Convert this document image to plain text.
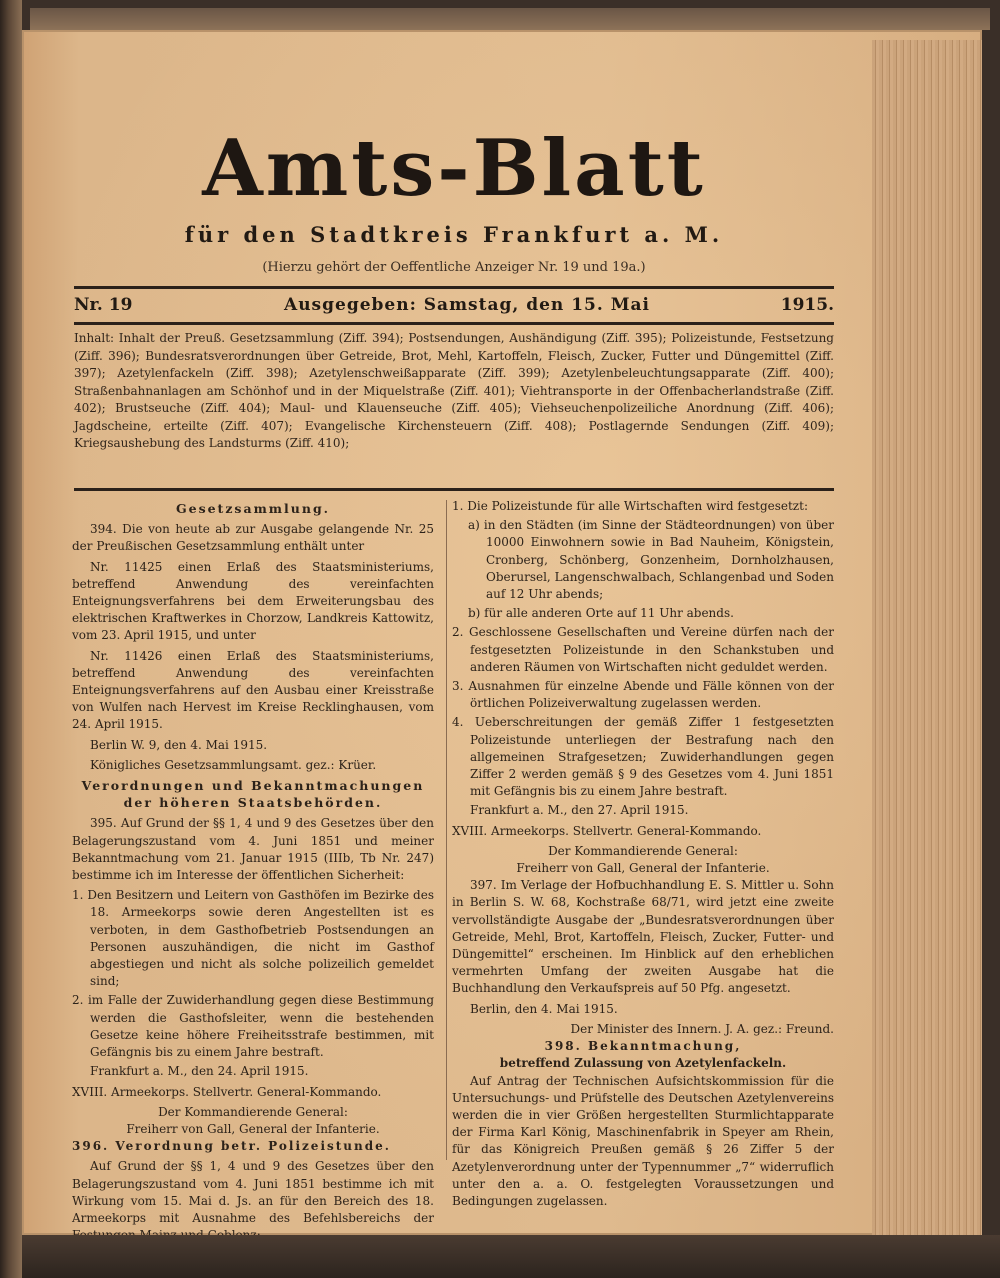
Amts-Blatt
für den Stadtkreis Frankfurt a. M.
(Hierzu gehört der Oeffentliche Anzeiger Nr. 19 und 19a.)
Nr. 19	Ausgegeben: Samstag, den 15. Mai	1915.
Inhalt: Inhalt der Preuß. Gesetzsammlung (Ziff. 394); Postsendungen, Aushändigung (Ziff. 395); Polizeistunde, Festsetzung (Ziff. 396); Bundesratsverordnungen über Getreide, Brot, Mehl, Kartoffeln, Fleisch, Zucker, Futter und Düngemittel (Ziff. 397); Azetylenfackeln (Ziff. 398); Azetylenschweißapparate (Ziff. 399); Azetylenbeleuchtungsapparate (Ziff. 400); Straßenbahnanlagen am Schönhof und in der Miquelstraße (Ziff. 401); Viehtransporte in der Offenbacherlandstraße (Ziff. 402); Brustseuche (Ziff. 404); Maul- und Klauenseuche (Ziff. 405); Viehseuchenpolizeiliche Anordnung (Ziff. 406); Jagdscheine, erteilte (Ziff. 407); Evangelische Kirchensteuern (Ziff. 408); Postlagernde Sendungen (Ziff. 409); Kriegsaushebung des Landsturms (Ziff. 410);
Gesetzsammlung.

394. Die von heute ab zur Ausgabe gelangende Nr. 25 der Preußischen Gesetzsammlung enthält unter

Nr. 11425 einen Erlaß des Staatsministeriums, betreffend Anwendung des vereinfachten Enteignungsverfahrens bei dem Erweiterungsbau des elektrischen Kraftwerkes in Chorzow, Landkreis Kattowitz, vom 23. April 1915, und unter

Nr. 11426 einen Erlaß des Staatsministeriums, betreffend Anwendung des vereinfachten Enteignungsverfahrens auf den Ausbau einer Kreisstraße von Wulfen nach Hervest im Kreise Recklinghausen, vom 24. April 1915.

Berlin W. 9, den 4. Mai 1915.

Königliches Gesetzsammlungsamt. gez.: Krüer.

Verordnungen und Bekanntmachungen der höheren Staatsbehörden.

395. Auf Grund der §§ 1, 4 und 9 des Gesetzes über den Belagerungszustand vom 4. Juni 1851 und meiner Bekanntmachung vom 21. Januar 1915 (IIIb, Tb Nr. 247) bestimme ich im Interesse der öffentlichen Sicherheit:

1. Den Besitzern und Leitern von Gasthöfen im Bezirke des 18. Armeekorps sowie deren Angestellten ist es verboten, in dem Gasthofbetrieb Postsendungen an Personen auszuhändigen, die nicht im Gasthof abgestiegen und nicht als solche polizeilich gemeldet sind;

2. im Falle der Zuwiderhandlung gegen diese Bestimmung werden die Gasthofsleiter, wenn die bestehenden Gesetze keine höhere Freiheitsstrafe bestimmen, mit Gefängnis bis zu einem Jahre bestraft.

Frankfurt a. M., den 24. April 1915.

XVIII. Armeekorps. Stellvertr. General-Kommando.

Der Kommandierende General:

Freiherr von Gall, General der Infanterie.

396. Verordnung betr. Polizeistunde.

Auf Grund der §§ 1, 4 und 9 des Gesetzes über den Belagerungszustand vom 4. Juni 1851 bestimme ich mit Wirkung vom 15. Mai d. Js. an für den Bereich des 18. Armeekorps mit Ausnahme des Befehlsbereichs der

1. Die Polizeistunde für alle Wirtschaften wird festgesetzt:

a) in den Städten (im Sinne der Städteordnungen) von über 10000 Einwohnern sowie in Bad Nauheim, Königstein, Cronberg, Schönberg, Gonzenheim, Dornholzhausen, Oberursel, Langenschwalbach, Schlangenbad und Soden auf 12 Uhr abends;

b) für alle anderen Orte auf 11 Uhr abends.

2. Geschlossene Gesellschaften und Vereine dürfen nach der festgesetzten Polizeistunde in den Schankstuben und anderen Räumen von Wirtschaften nicht geduldet werden.

3. Ausnahmen für einzelne Abende und Fälle können von der örtlichen Polizeiverwaltung zugelassen werden.

4. Ueberschreitungen der gemäß Ziffer 1 festgesetzten Polizeistunde unterliegen der Bestrafung nach den allgemeinen Strafgesetzen; Zuwiderhandlungen gegen Ziffer 2 werden gemäß § 9 des Gesetzes vom 4. Juni 1851 mit Gefängnis bis zu einem Jahre bestraft.

Frankfurt a. M., den 27. April 1915.

XVIII. Armeekorps. Stellvertr. General-Kommando.

Der Kommandierende General:

Freiherr von Gall, General der Infanterie.

397. Im Verlage der Hofbuchhandlung E. S. Mittler u. Sohn in Berlin S. W. 68, Kochstraße 68/71, wird jetzt eine zweite vervollständigte Ausgabe der „Bundesratsverordnungen über Getreide, Mehl, Brot, Kartoffeln, Fleisch, Zucker, Futter- und Düngemittel“ erscheinen. Im Hinblick auf den erheblichen vermehrten Umfang der zweiten Ausgabe hat die Buchhandlung den Verkaufspreis auf 50 Pfg. angesetzt.

Berlin, den 4. Mai 1915.

Der Minister des Innern. J. A. gez.: Freund.

398. Bekanntmachung,

betreffend Zulassung von Azetylenfackeln.

Auf Antrag der Technischen Aufsichtskommission für die Untersuchungs- und Prüfstelle des Deutschen Azetylenvereins werden die in vier Größen hergestellten Sturmlichtapparate der Firma Karl König, Maschinenfabrik in Speyer am Rhein, für das Königreich Preußen gemäß § 26 Ziffer 5 der Azetylenverordnung unter der Typennummer „7“ widerruflich unter den a. a. O. festgelegten Voraussetzungen und Bedingungen zugelassen.
